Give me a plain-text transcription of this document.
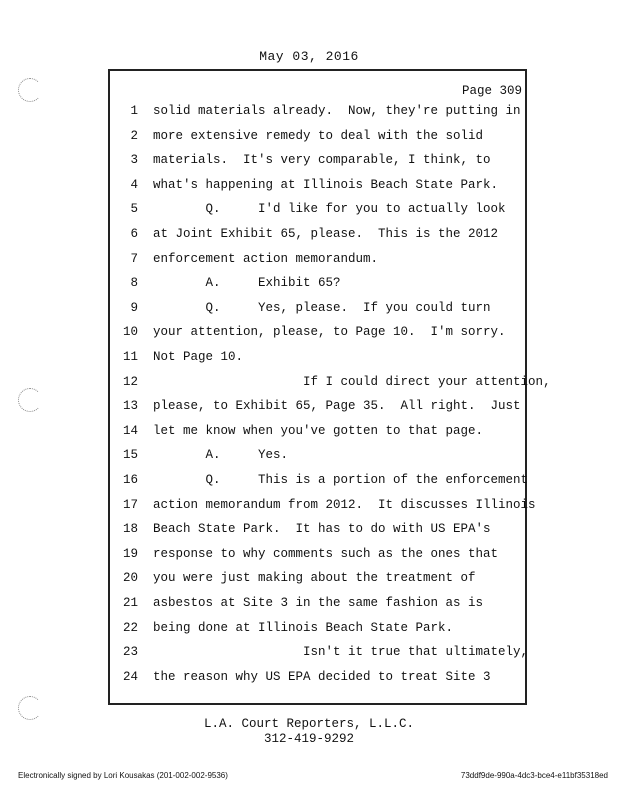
May 03, 2016
Page 309
1 solid materials already.  Now, they're putting in
2 more extensive remedy to deal with the solid
3 materials.  It's very comparable, I think, to
4 what's happening at Illinois Beach State Park.
5 Q.     I'd like for you to actually look
6 at Joint Exhibit 65, please.  This is the 2012
7 enforcement action memorandum.
8 A.     Exhibit 65?
9 Q.     Yes, please.  If you could turn
10 your attention, please, to Page 10.  I'm sorry.
11 Not Page 10.
12 If I could direct your attention,
13 please, to Exhibit 65, Page 35.  All right.  Just
14 let me know when you've gotten to that page.
15 A.     Yes.
16 Q.     This is a portion of the enforcement
17 action memorandum from 2012.  It discusses Illinois
18 Beach State Park.  It has to do with US EPA's
19 response to why comments such as the ones that
20 you were just making about the treatment of
21 asbestos at Site 3 in the same fashion as is
22 being done at Illinois Beach State Park.
23 Isn't it true that ultimately,
24 the reason why US EPA decided to treat Site 3
L.A. Court Reporters, L.L.C.
312-419-9292
Electronically signed by Lori Kousakas (201-002-002-9536)	73ddf9de-990a-4dc3-bce4-e11bf35318ed
